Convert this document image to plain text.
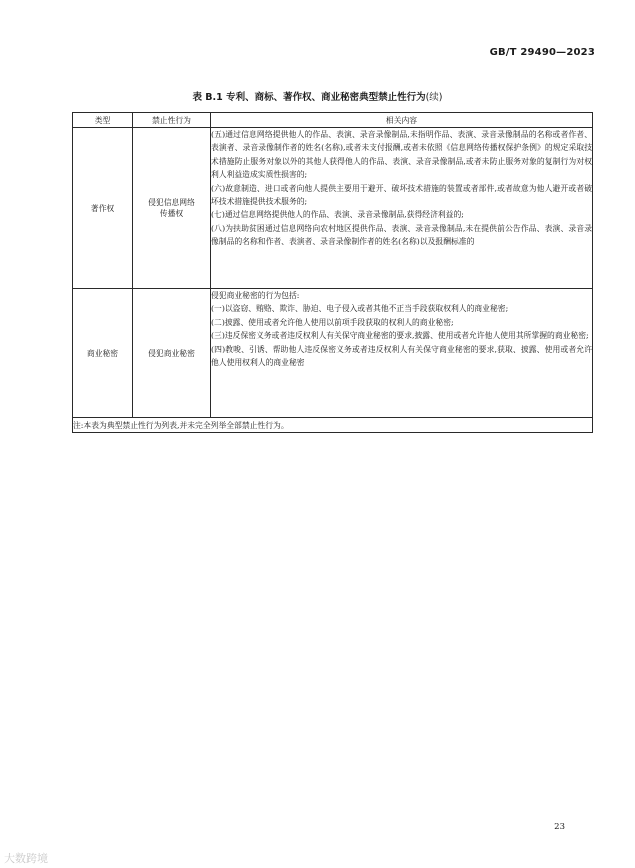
GB/T 29490—2023
表 B.1 专利、商标、著作权、商业秘密典型禁止性行为(续)
类型	禁止性行为	相关内容
著作权	侵犯信息网络传播权	(五)通过信息网络提供他人的作品、表演、录音录像制品,未指明作品、表演、录音录像制品的名称或者作者、表演者、录音录像制作者的姓名(名称),或者未支付报酬,或者未依照《信息网络传播权保护条例》的规定采取技术措施防止服务对象以外的其他人获得他人的作品、表演、录音录像制品,或者未防止服务对象的复制行为对权利人利益造成实质性损害的;

(六)故意制造、进口或者向他人提供主要用于避开、破坏技术措施的装置或者部件,或者故意为他人避开或者破坏技术措施提供技术服务的;

(七)通过信息网络提供他人的作品、表演、录音录像制品,获得经济利益的;

(八)为扶助贫困通过信息网络向农村地区提供作品、表演、录音录像制品,未在提供前公告作品、表演、录音录像制品的名称和作者、表演者、录音录像制作者的姓名(名称)以及报酬标准的

商业秘密	侵犯商业秘密	侵犯商业秘密的行为包括:

(一)以盗窃、贿赂、欺诈、胁迫、电子侵入或者其他不正当手段获取权利人的商业秘密;

(二)披露、使用或者允许他人使用以前项手段获取的权利人的商业秘密;

(三)违反保密义务或者违反权利人有关保守商业秘密的要求,披露、使用或者允许他人使用其所掌握的商业秘密;

(四)教唆、引诱、帮助他人违反保密义务或者违反权利人有关保守商业秘密的要求,获取、披露、使用或者允许他人使用权利人的商业秘密

注:本表为典型禁止性行为列表,并未完全列举全部禁止性行为。		
23
大数跨境
